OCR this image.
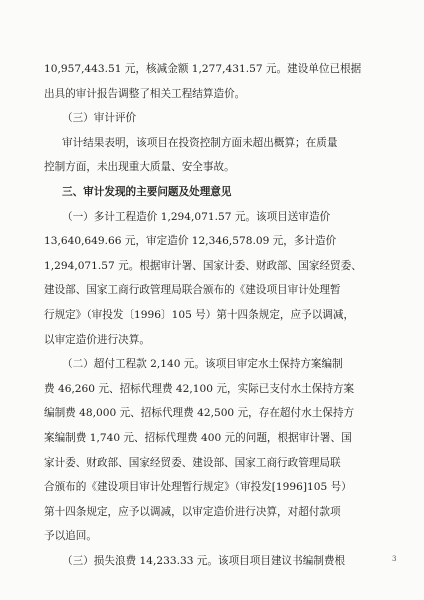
10,957,443.51 元，核减金额 1,277,431.57 元。建设单位已根据
出具的审计报告调整了相关工程结算造价。
（三）审计评价
审计结果表明，该项目在投资控制方面未超出概算；在质量
控制方面，未出现重大质量、安全事故。
三、审计发现的主要问题及处理意见
（一）多计工程造价 1,294,071.57 元。该项目送审造价
13,640,649.66 元，审定造价 12,346,578.09 元，多计造价
1,294,071.57 元。根据审计署、国家计委、财政部、国家经贸委、
建设部、国家工商行政管理局联合颁布的《建设项目审计处理暂
行规定》（审投发〔1996〕105 号）第十四条规定，应予以调减，
以审定造价进行决算。
（二）超付工程款 2,140 元。该项目审定水土保持方案编制
费 46,260 元、招标代理费 42,100 元，实际已支付水土保持方案
编制费 48,000 元、招标代理费 42,500 元，存在超付水土保持方
案编制费 1,740 元、招标代理费 400 元的问题，根据审计署、国
家计委、财政部、国家经贸委、建设部、国家工商行政管理局联
合颁布的《建设项目审计处理暂行规定》（审投发[1996]105 号）
第十四条规定，应予以调减，以审定造价进行决算，对超付款项
予以追回。
3
（三）损失浪费 14,233.33 元。该项目项目建议书编制费根
